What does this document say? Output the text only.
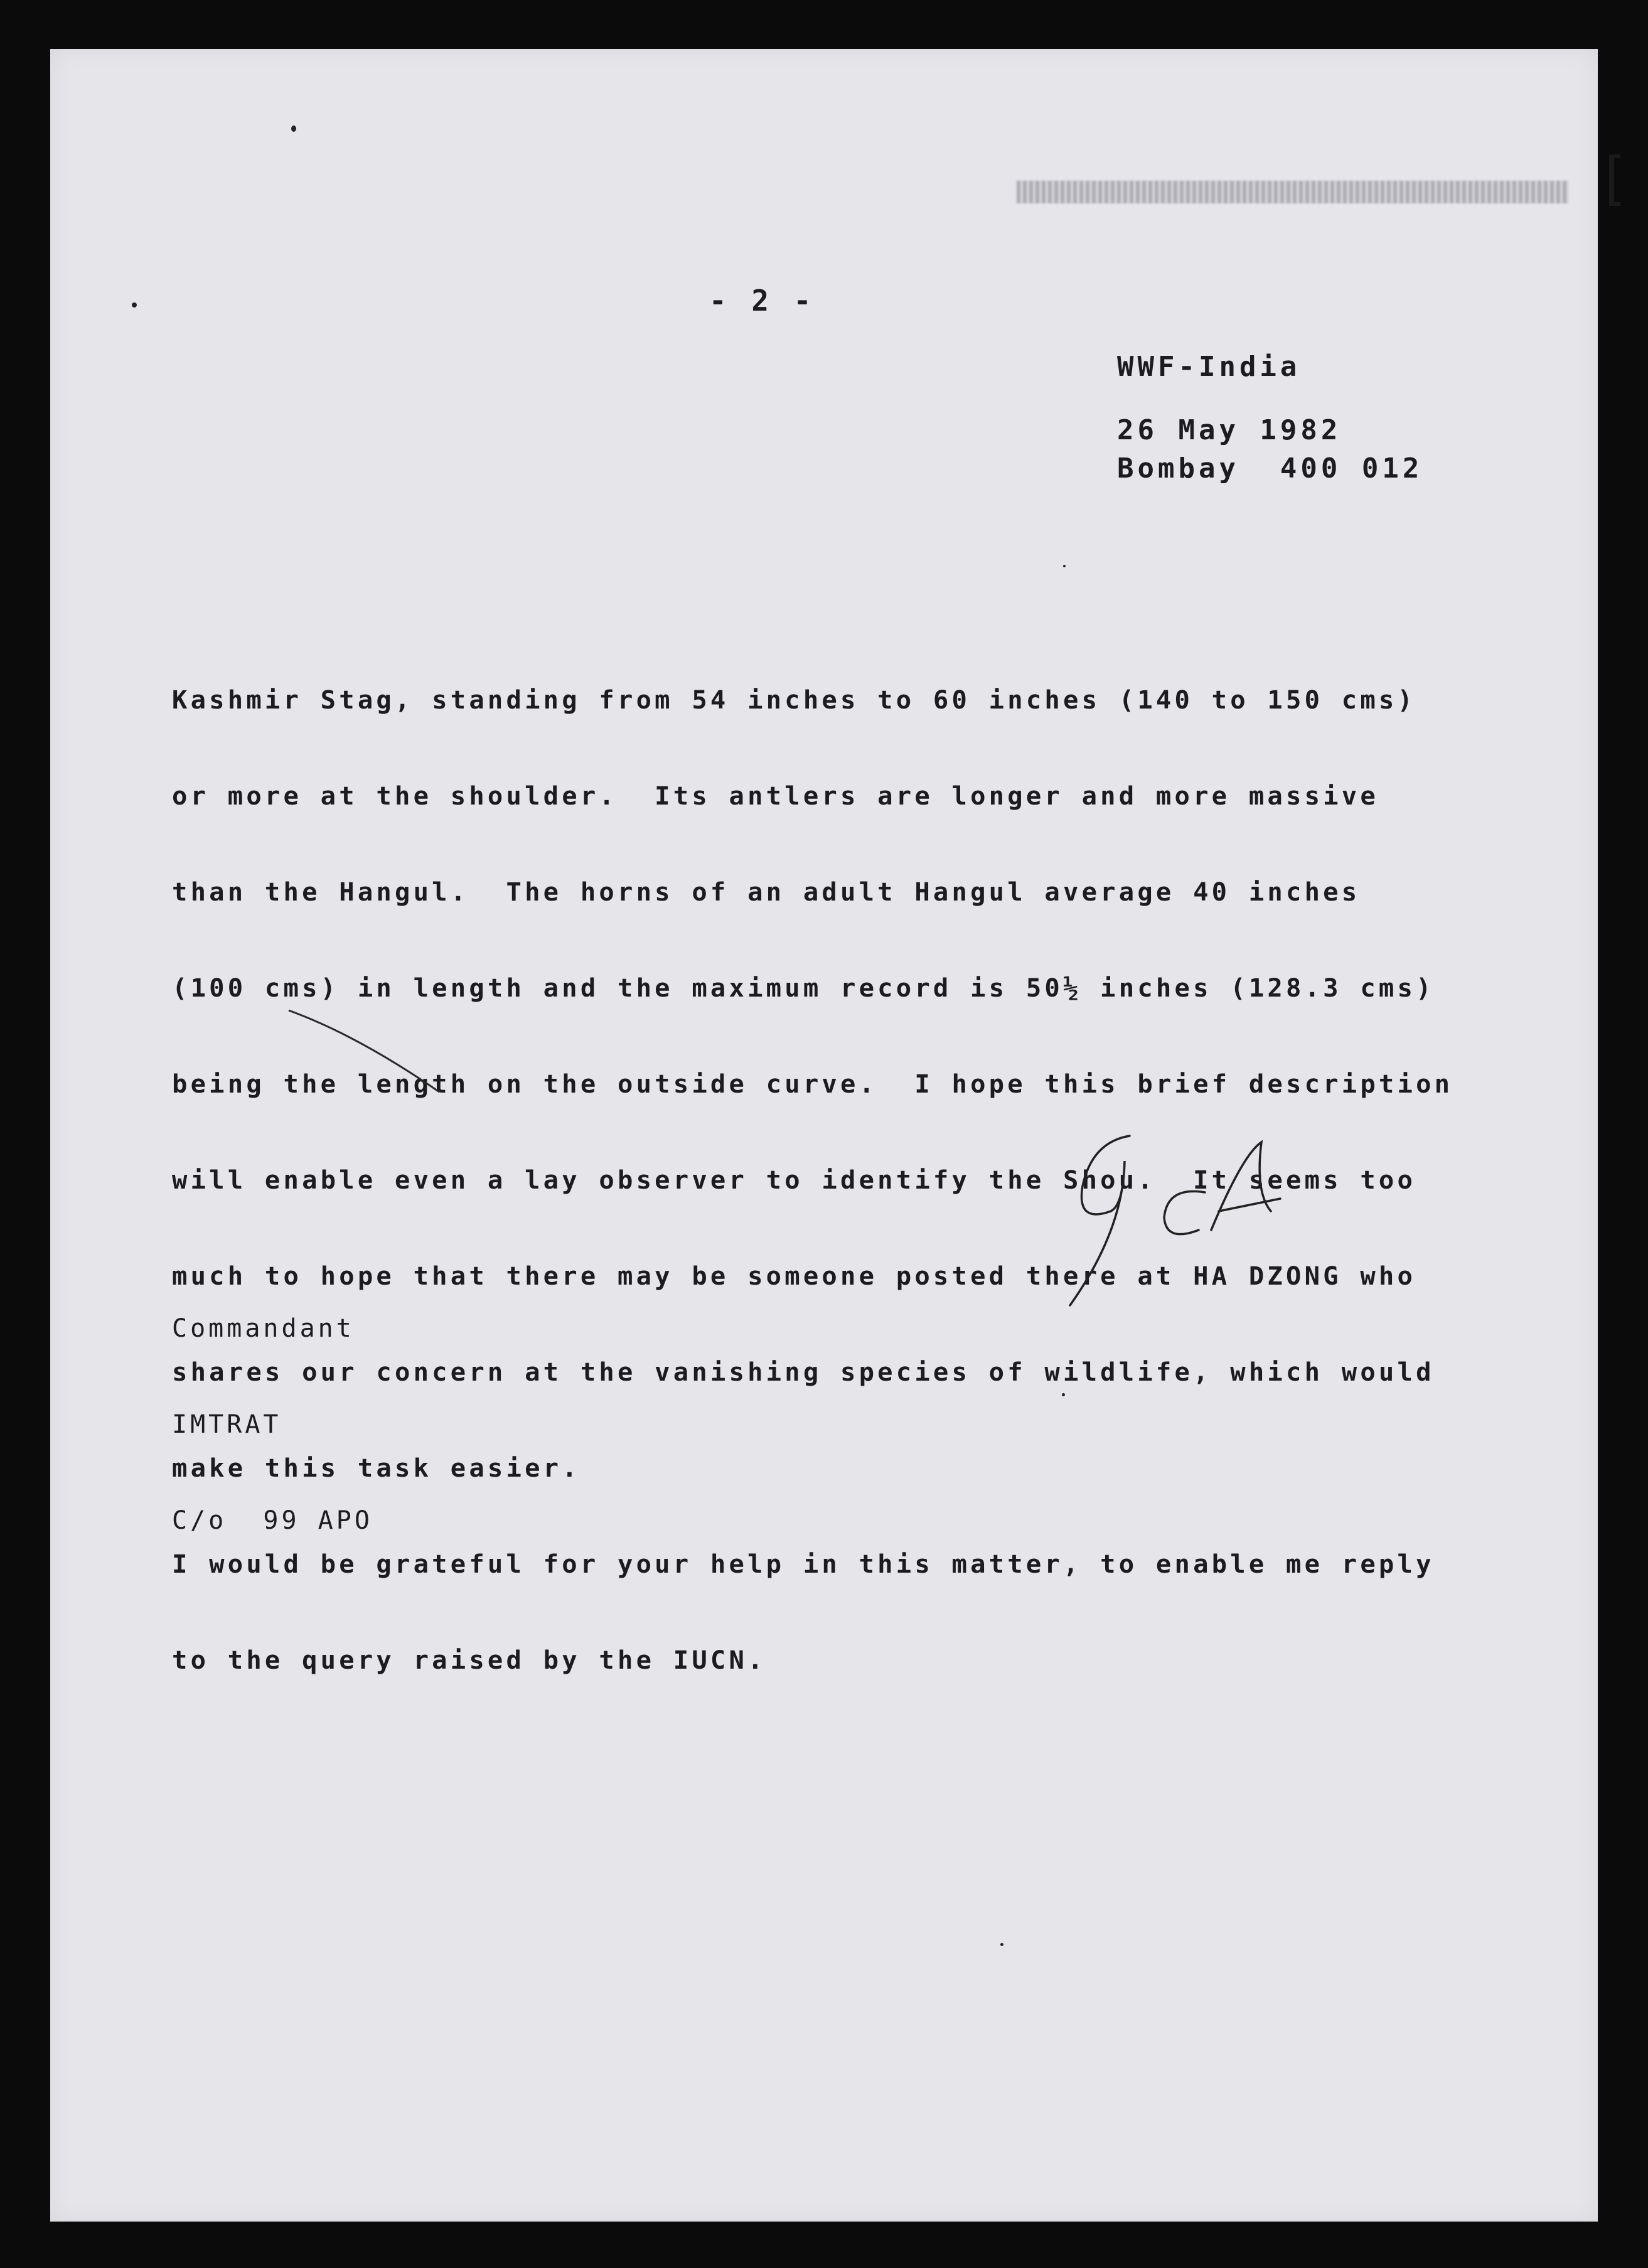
- 2 -

WWF-India

Bombay  400 012

26 May 1982

Kashmir Stag, standing from 54 inches to 60 inches (140 to 150 cms)

or more at the shoulder.  Its antlers are longer and more massive

than the Hangul.  The horns of an adult Hangul average 40 inches

(100 cms) in length and the maximum record is 50½ inches (128.3 cms)

being the length on the outside curve.  I hope this brief description

will enable even a lay observer to identify the Shou.  It seems too

much to hope that there may be someone posted there at HA DZONG who

shares our concern at the vanishing species of wildlife, which would

make this task easier.

I would be grateful for your help in this matter, to enable me reply

to the query raised by the IUCN.

Commandant

IMTRAT

C/o  99 APO
